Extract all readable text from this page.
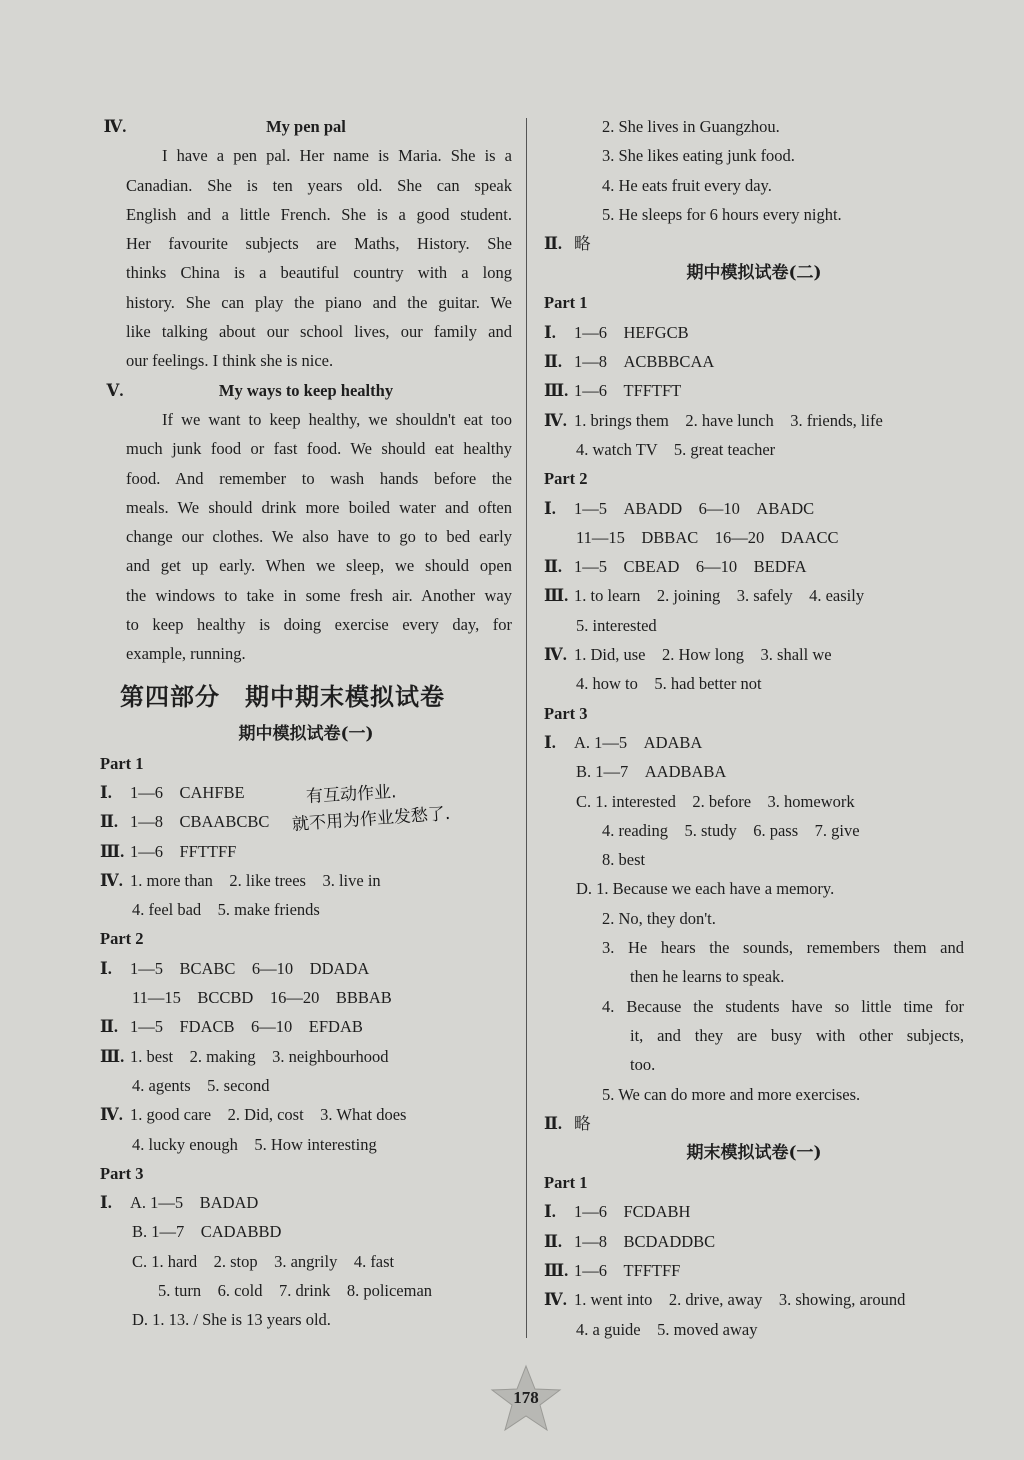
Ⅳ.	My pen pal
I have a pen pal. Her name is Maria. She is a
Canadian. She is ten years old. She can speak
English and a little French. She is a good student.
Her favourite subjects are Maths, History. She
thinks China is a beautiful country with a long
history. She can play the piano and the guitar. We
like talking about our school lives, our family and
our feelings. I think she is nice.
Ⅴ.	My ways to keep healthy
If we want to keep healthy, we shouldn't eat too
much junk food or fast food. We should eat healthy
food. And remember to wash hands before the
meals. We should drink more boiled water and often
change our clothes. We also have to go to bed early
and get up early. When we sleep, we should open
the windows to take in some fresh air. Another way
to keep healthy is doing exercise every day, for
example, running.
第四部分　期中期末模拟试卷
期中模拟试卷(一)
Part 1
Ⅰ. 1—6　CAHFBE
Ⅱ. 1—8　CBAABCBC
Ⅲ. 1—6　FFTTFF
Ⅳ. 1. more than　2. like trees　3. live in
4. feel bad　5. make friends
Part 2
Ⅰ. 1—5　BCABC　6—10　DDADA
11—15　BCCBD　16—20　BBBAB
Ⅱ. 1—5　FDACB　6—10　EFDAB
Ⅲ. 1. best　2. making　3. neighbourhood
4. agents　5. second
Ⅳ. 1. good care　2. Did, cost　3. What does
4. lucky enough　5. How interesting
Part 3
Ⅰ. A. 1—5　BADAD
B. 1—7　CADABBD
C. 1. hard　2. stop　3. angrily　4. fast
5. turn　6. cold　7. drink　8. policeman
D. 1. 13. / She is 13 years old.
有互动作业.
就不用为作业发愁了.
2. She lives in Guangzhou.
3. She likes eating junk food.
4. He eats fruit every day.
5. He sleeps for 6 hours every night.
Ⅱ. 略
期中模拟试卷(二)
Part 1
Ⅰ. 1—6　HEFGCB
Ⅱ. 1—8　ACBBBCAA
Ⅲ. 1—6　TFFTFT
Ⅳ. 1. brings them　2. have lunch　3. friends, life
4. watch TV　5. great teacher
Part 2
Ⅰ. 1—5　ABADD　6—10　ABADC
11—15　DBBAC　16—20　DAACC
Ⅱ. 1—5　CBEAD　6—10　BEDFA
Ⅲ. 1. to learn　2. joining　3. safely　4. easily
5. interested
Ⅳ. 1. Did, use　2. How long　3. shall we
4. how to　5. had better not
Part 3
Ⅰ. A. 1—5　ADABA
B. 1—7　AADBABA
C. 1. interested　2. before　3. homework
4. reading　5. study　6. pass　7. give
8. best
D. 1. Because we each have a memory.
2. No, they don't.
3. He hears the sounds, remembers them and
then he learns to speak.
4. Because the students have so little time for
it, and they are busy with other subjects,
too.
5. We can do more and more exercises.
Ⅱ. 略
期末模拟试卷(一)
Part 1
Ⅰ. 1—6　FCDABH
Ⅱ. 1—8　BCDADDBC
Ⅲ. 1—6　TFFTFF
Ⅳ. 1. went into　2. drive, away　3. showing, around
4. a guide　5. moved away
178
